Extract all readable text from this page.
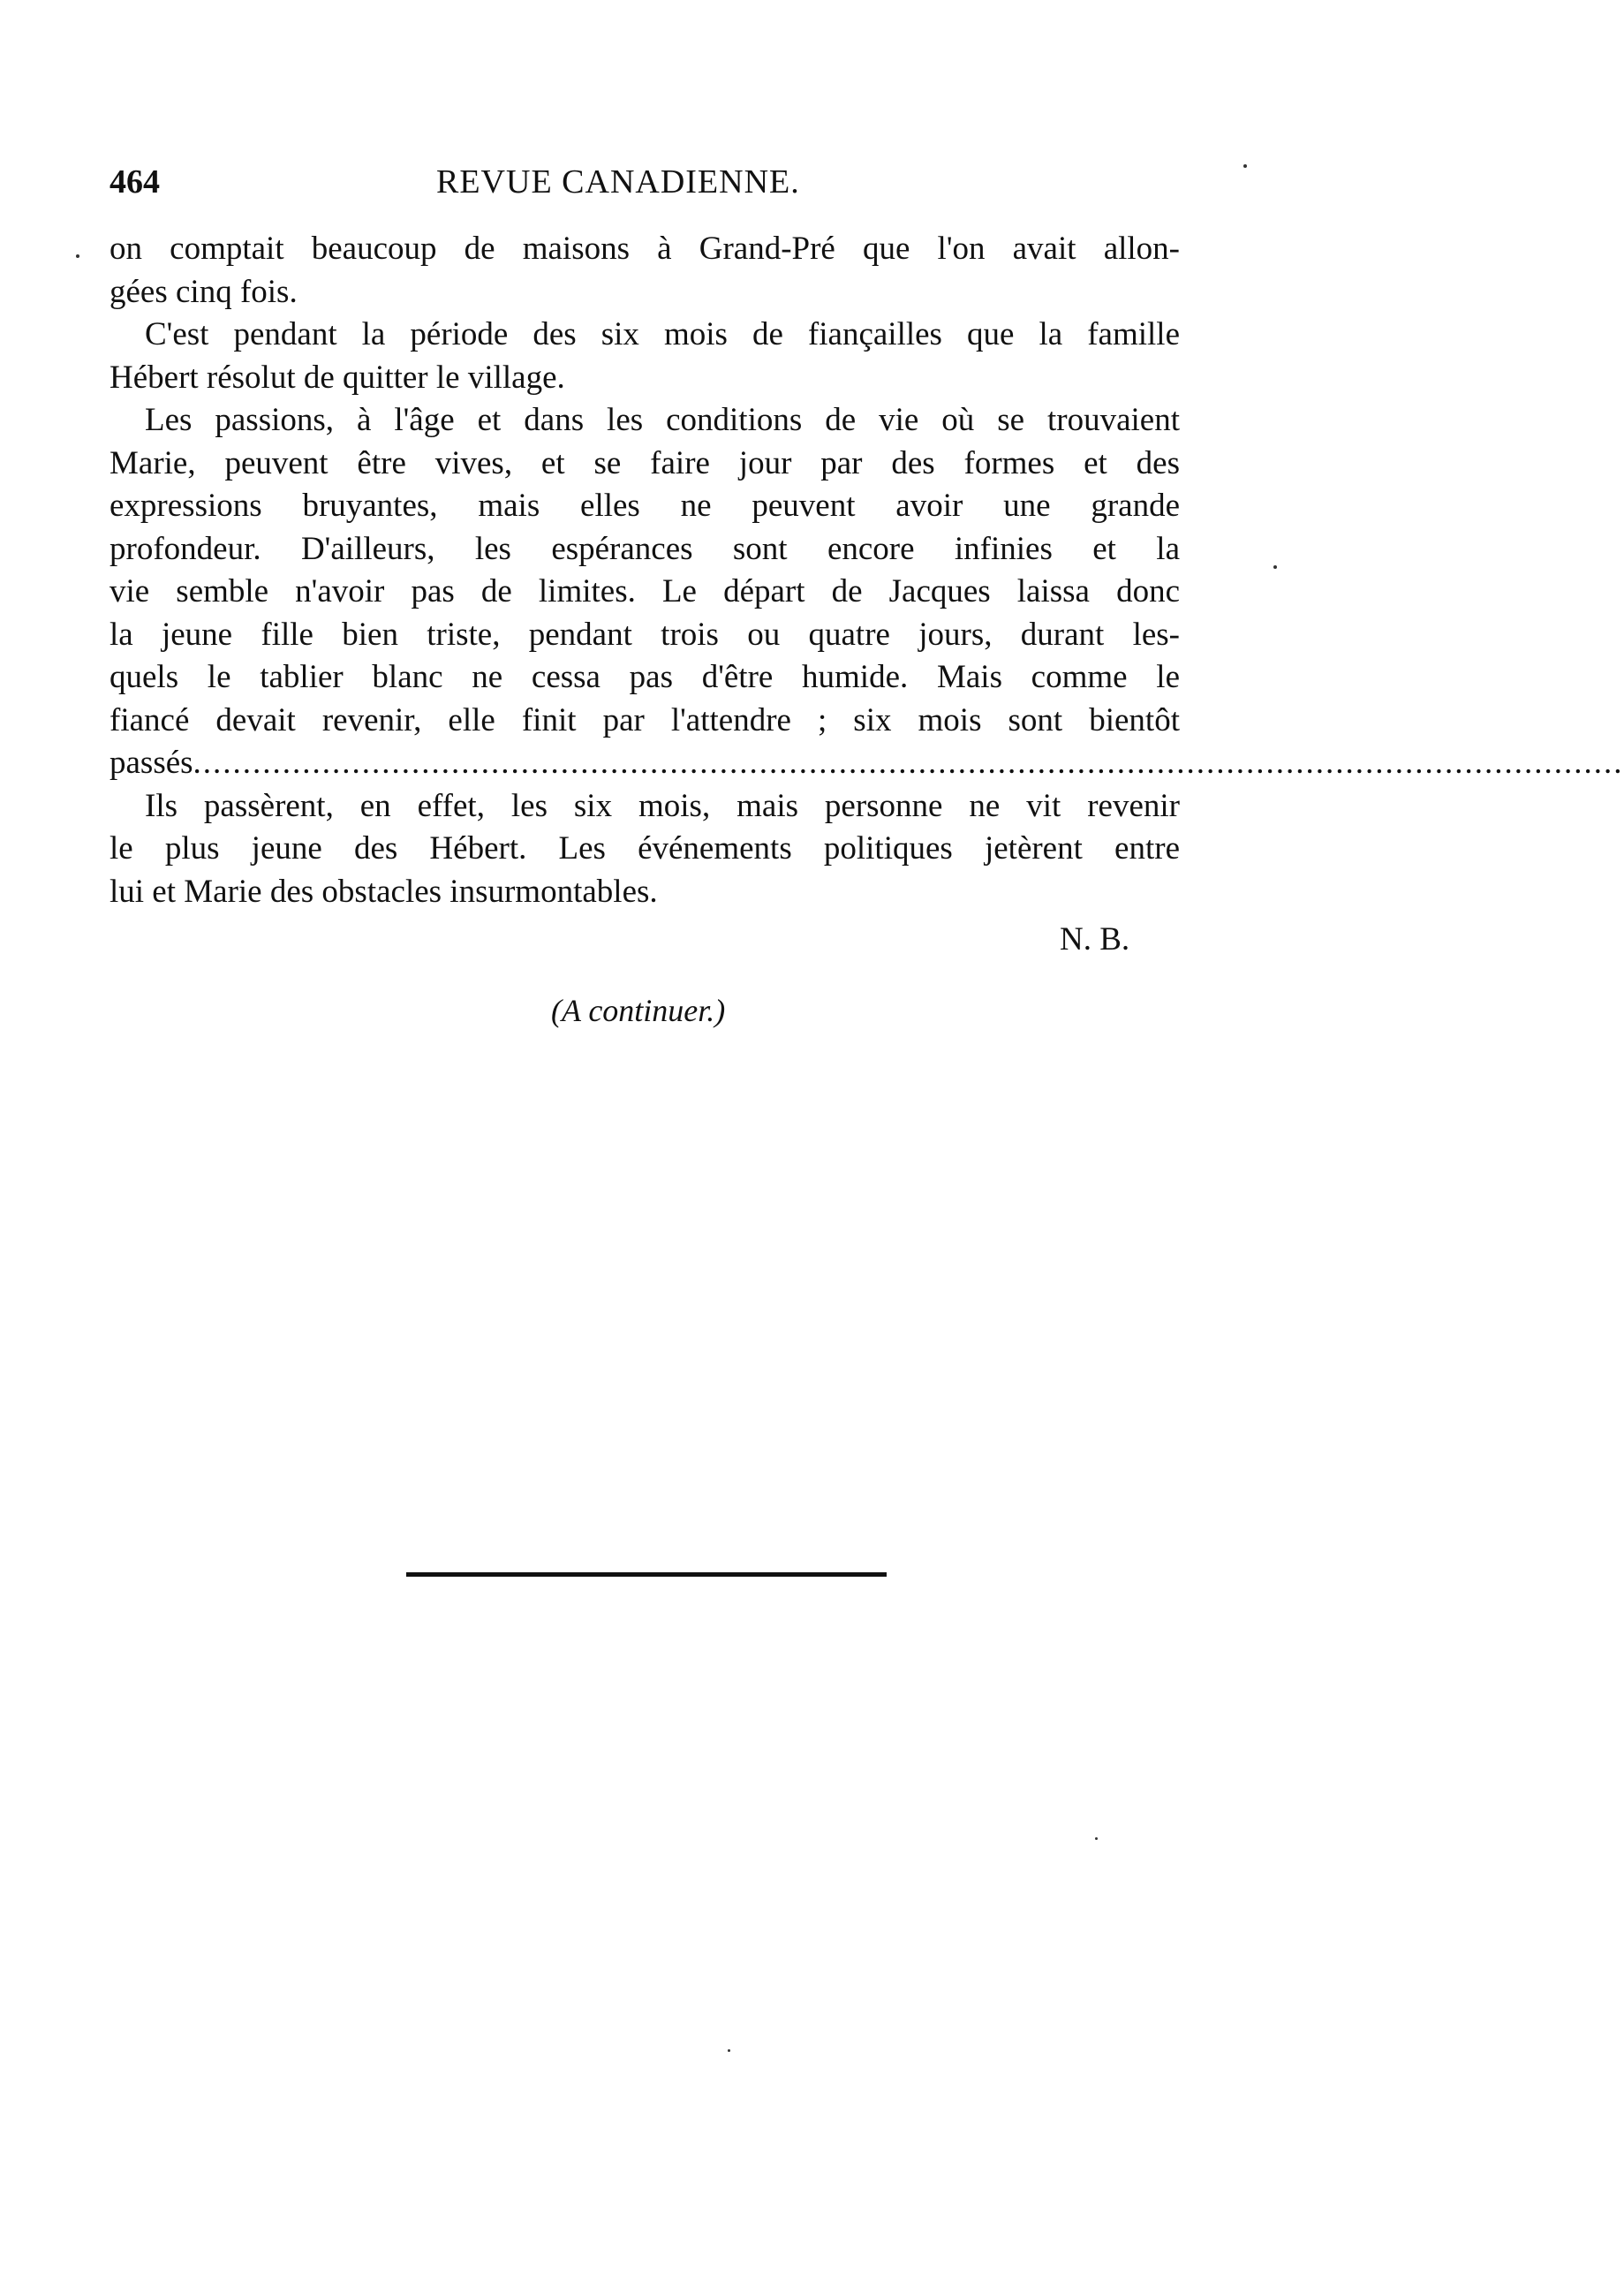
464	REVUE CANADIENNE.
on comptait beaucoup de maisons à Grand-Pré que l'on avait allon-
gées cinq fois.
C'est pendant la période des six mois de fiançailles que la famille
Hébert résolut de quitter le village.
Les passions, à l'âge et dans les conditions de vie où se trouvaient
Marie, peuvent être vives, et se faire jour par des formes et des
expressions bruyantes, mais elles ne peuvent avoir une grande
profondeur. D'ailleurs, les espérances sont encore infinies et la
vie semble n'avoir pas de limites. Le départ de Jacques laissa donc
la jeune fille bien triste, pendant trois ou quatre jours, durant les-
quels le tablier blanc ne cessa pas d'être humide. Mais comme le
fiancé devait revenir, elle finit par l'attendre ; six mois sont bientôt
passés ................................................................................................................................................
Ils passèrent, en effet, les six mois, mais personne ne vit revenir
le plus jeune des Hébert. Les événements politiques jetèrent entre
lui et Marie des obstacles insurmontables.
N. B.
(A continuer.)
